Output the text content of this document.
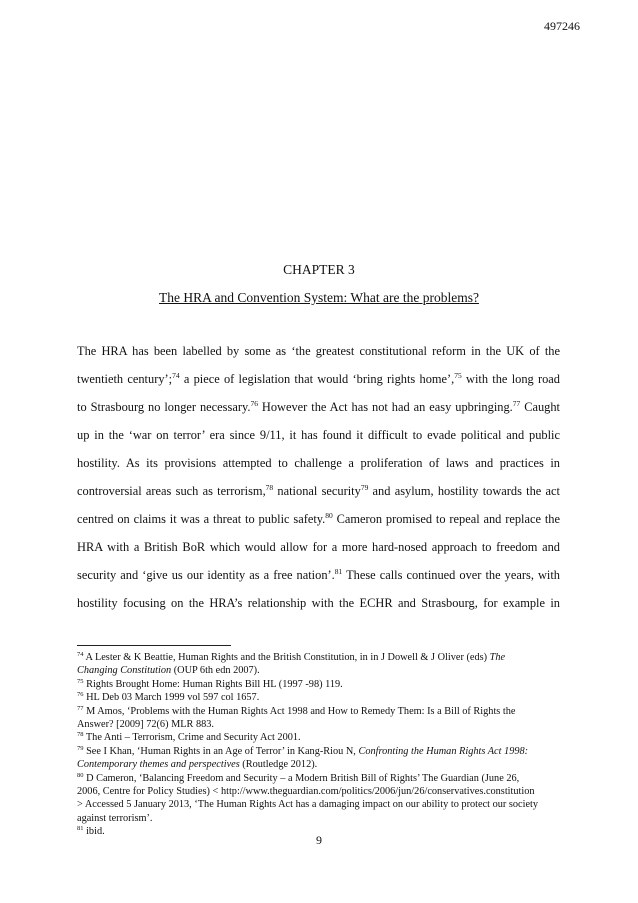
497246
CHAPTER 3
The HRA and Convention System: What are the problems?
The HRA has been labelled by some as ‘the greatest constitutional reform in the UK of the
twentieth century’;$^{74}$ a piece of legislation that would ‘bring rights home’,$^{75}$ with the long road
to Strasbourg no longer necessary.$^{76}$ However the Act has not had an easy upbringing.$^{77}$ Caught
up in the ‘war on terror’ era since 9/11, it has found it difficult to evade political and public
hostility. As its provisions attempted to challenge a proliferation of laws and practices in
controversial areas such as terrorism,$^{78}$ national security$^{79}$ and asylum, hostility towards the act
centred on claims it was a threat to public safety.$^{80}$ Cameron promised to repeal and replace the
HRA with a British BoR which would allow for a more hard-nosed approach to freedom and
security and ‘give us our identity as a free nation’.$^{81}$ These calls continued over the years, with
hostility focusing on the HRA’s relationship with the ECHR and Strasbourg, for example in
$^{74}$ A Lester & K Beattie, Human Rights and the British Constitution, in in J Dowell & J Oliver (eds) The
Changing Constitution (OUP 6th edn 2007).
$^{75}$ Rights Brought Home: Human Rights Bill HL (1997 -98) 119.
$^{76}$ HL Deb 03 March 1999 vol 597 col 1657.
$^{77}$ M Amos, ‘Problems with the Human Rights Act 1998 and How to Remedy Them: Is a Bill of Rights the
Answer? [2009] 72(6) MLR 883.
$^{78}$ The Anti – Terrorism, Crime and Security Act 2001.
$^{79}$ See I Khan, ‘Human Rights in an Age of Terror’ in Kang-Riou N, Confronting the Human Rights Act 1998:
Contemporary themes and perspectives (Routledge 2012).
$^{80}$ D Cameron, ‘Balancing Freedom and Security – a Modern British Bill of Rights’ The Guardian (June 26,
2006, Centre for Policy Studies) < http://www.theguardian.com/politics/2006/jun/26/conservatives.constitution
> Accessed 5 January 2013, ‘The Human Rights Act has a damaging impact on our ability to protect our society
against terrorism’.
$^{81}$ ibid.
9
